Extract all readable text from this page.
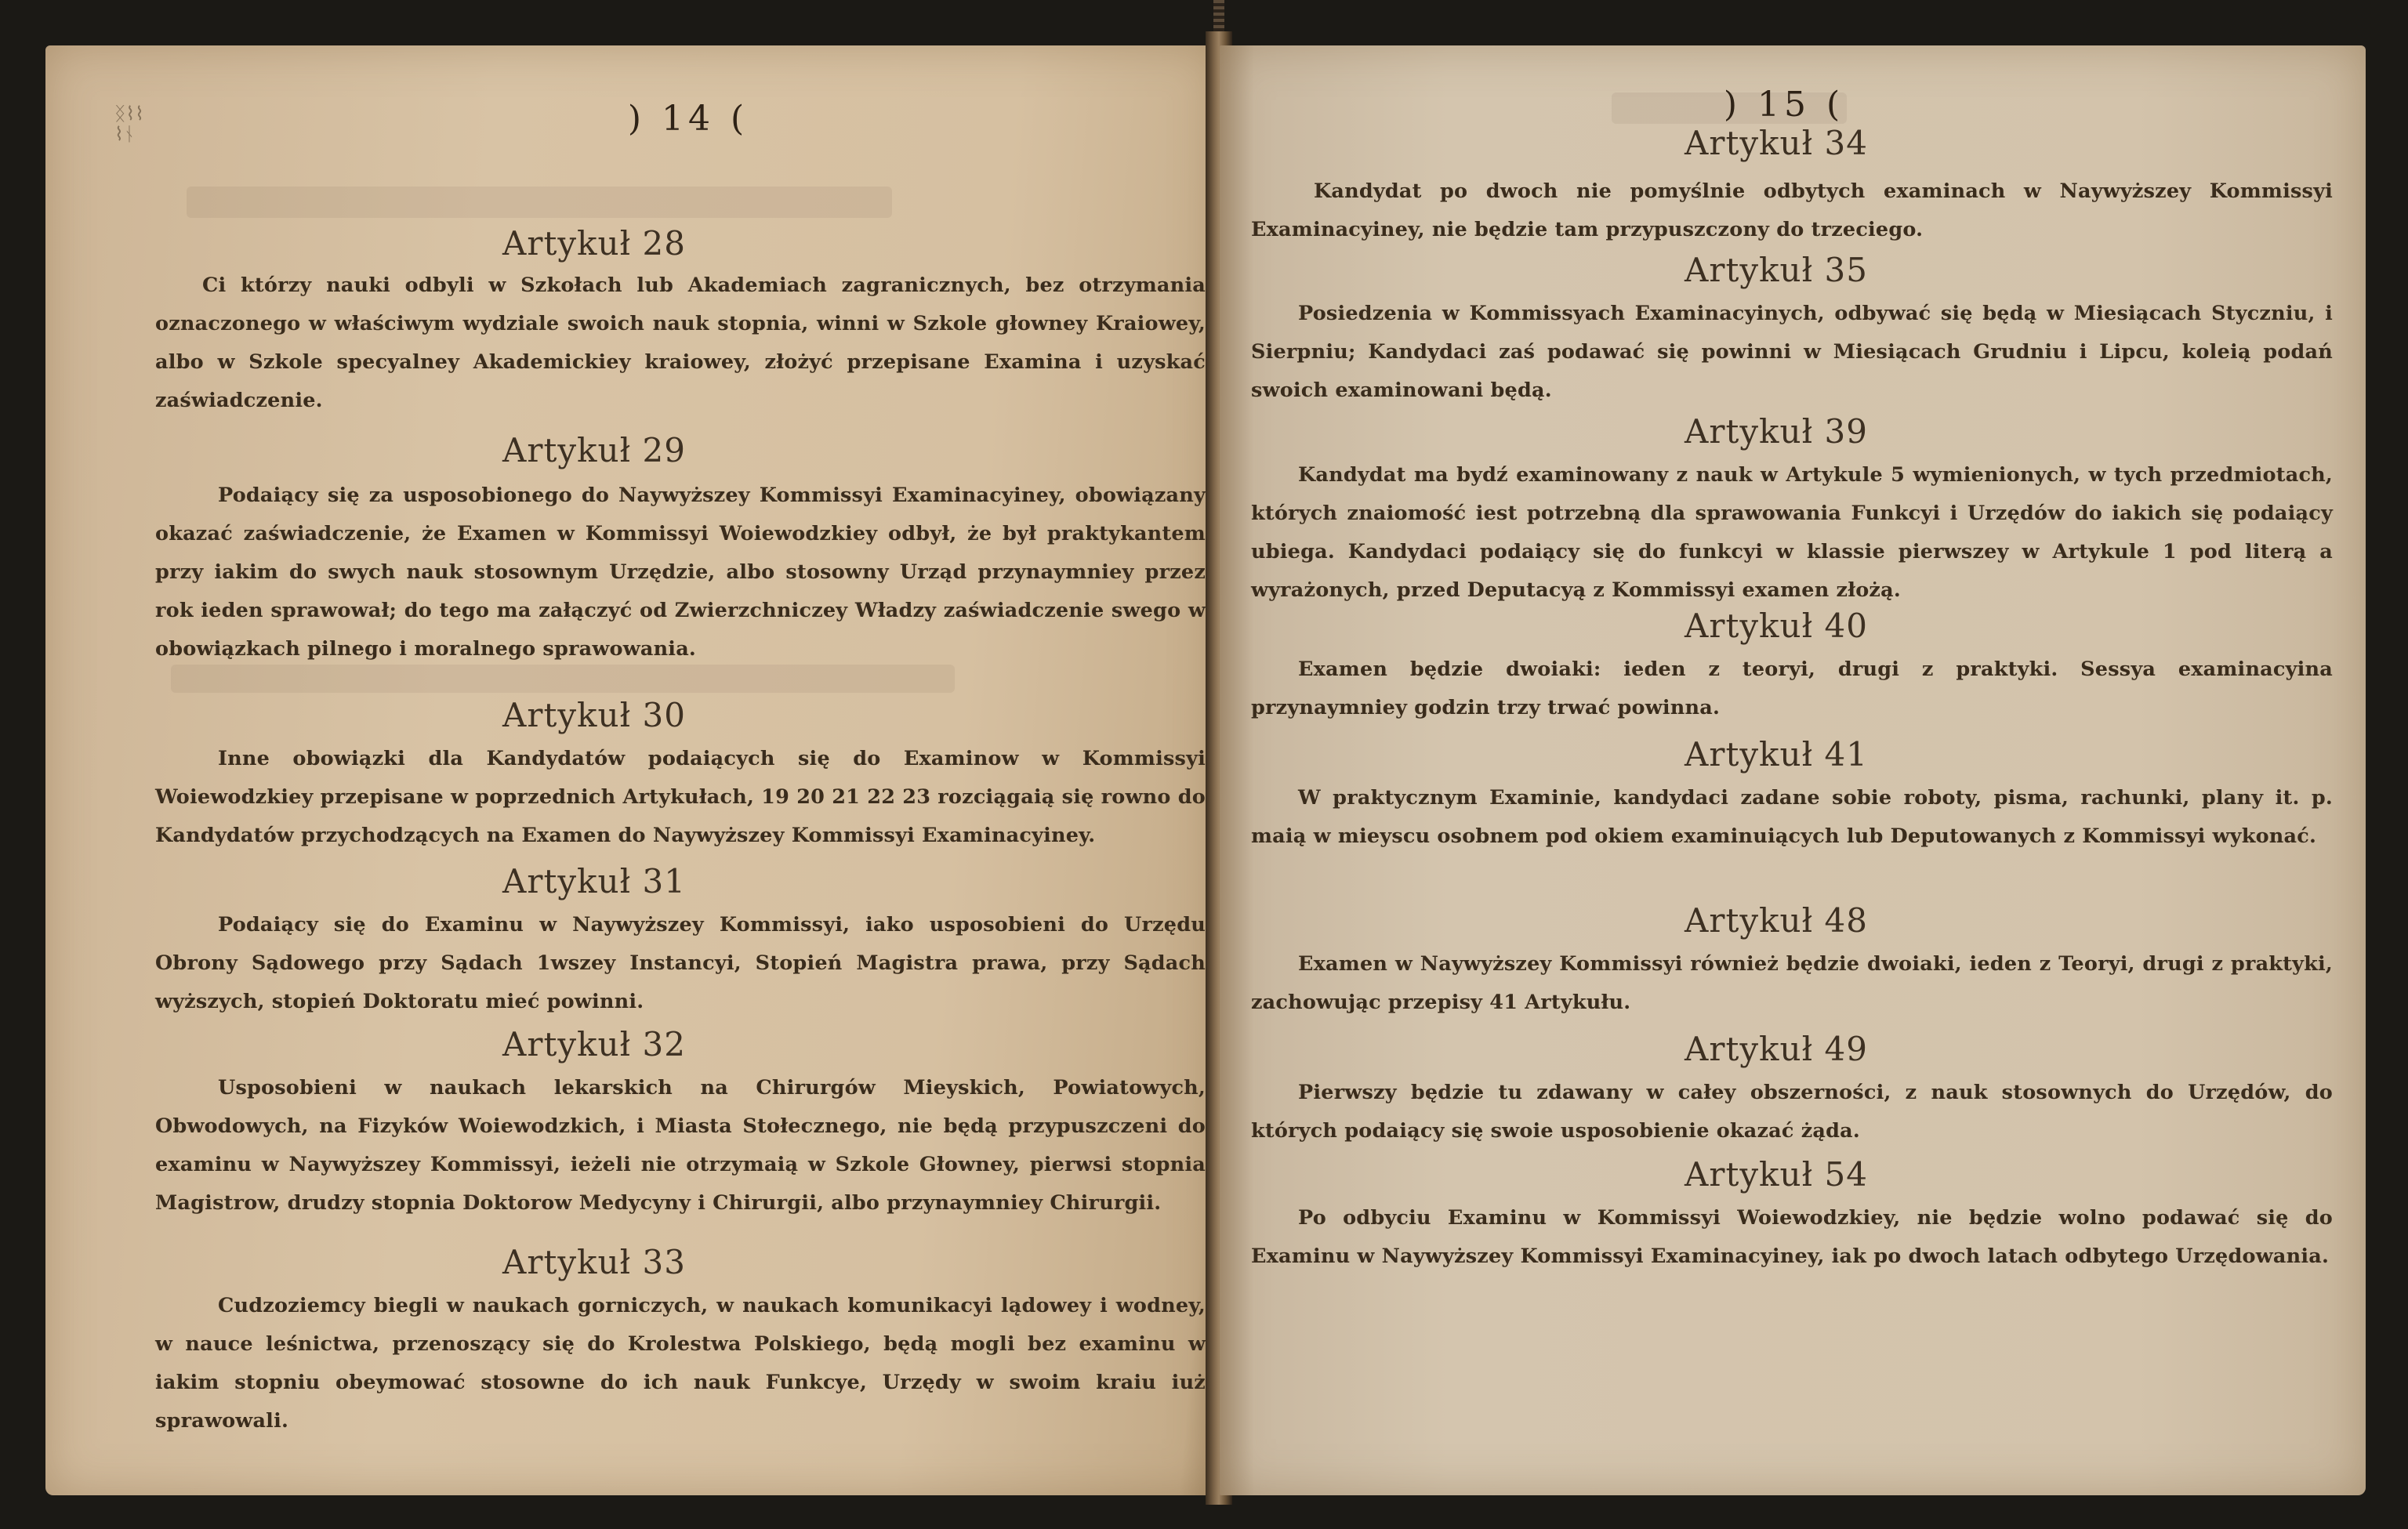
ᛝ⌇⌇
⌇ᚾ	) 14 (
Artykuł 28
Ci którzy nauki odbyli w Szkołach lub Akademiach zagranicznych, bez otrzymania oznaczonego w właściwym wydziale swoich nauk stopnia, winni w Szkole głowney Kraiowey, albo w Szkole specyalney Akademickiey kraiowey, złożyć przepisane Examina i uzyskać zaświadczenie.
Artykuł 29
Podaiący się za usposobionego do Naywyższey Kommissyi Examinacyiney, obowiązany okazać zaświadczenie, że Examen w Kommissyi Woiewodzkiey odbył, że był praktykantem przy iakim do swych nauk stosownym Urzędzie, albo stosowny Urząd przynaymniey przez rok ieden sprawował; do tego ma załączyć od Zwierzchniczey Władzy zaświadczenie swego w obowiązkach pilnego i moralnego sprawowania.
Artykuł 30
Inne obowiązki dla Kandydatów podaiących się do Examinow w Kommissyi Woiewodzkiey przepisane w poprzednich Artykułach, 19 20 21 22 23 rozciągaią się rowno do Kandydatów przychodzących na Examen do Naywyższey Kommissyi Examinacyiney.
Artykuł 31
Podaiący się do Examinu w Naywyższey Kommissyi, iako usposobieni do Urzędu Obrony Sądowego przy Sądach 1wszey Instancyi, Stopień Magistra prawa, przy Sądach wyższych, stopień Doktoratu mieć powinni.
Artykuł 32
Usposobieni w naukach lekarskich na Chirurgów Mieyskich, Powiatowych, Obwodowych, na Fizyków Woiewodzkich, i Miasta Stołecznego, nie będą przypuszczeni do examinu w Naywyższey Kommissyi, ieżeli nie otrzymaią w Szkole Głowney, pierwsi stopnia Magistrow, drudzy stopnia Doktorow Medycyny i Chirurgii, albo przynaymniey Chirurgii.
Artykuł 33
Cudzoziemcy biegli w naukach gorniczych, w naukach komunikacyi lądowey i wodney, w nauce leśnictwa, przenoszący się do Krolestwa Polskiego, będą mogli bez examinu w iakim stopniu obeymować stosowne do ich nauk Funkcye, Urzędy w swoim kraiu iuż sprawowali.
) 15 (
Artykuł 34
Kandydat po dwoch nie pomyślnie odbytych examinach w Naywyższey Kommissyi Examinacyiney, nie będzie tam przypuszczony do trzeciego.
Artykuł 35
Posiedzenia w Kommissyach Examinacyinych, odbywać się będą w Miesiącach Styczniu, i Sierpniu; Kandydaci zaś podawać się powinni w Miesiącach Grudniu i Lipcu, koleią podań swoich examinowani będą.
Artykuł 39
Kandydat ma bydź examinowany z nauk w Artykule 5 wymienionych, w tych przedmiotach, których znaiomość iest potrzebną dla sprawowania Funkcyi i Urzędów do iakich się podaiący ubiega. Kandydaci podaiący się do funkcyi w klassie pierwszey w Artykule 1 pod literą a wyrażonych, przed Deputacyą z Kommissyi examen złożą.
Artykuł 40
Examen będzie dwoiaki: ieden z teoryi, drugi z praktyki. Sessya examinacyina przynaymniey godzin trzy trwać powinna.
Artykuł 41
W praktycznym Examinie, kandydaci zadane sobie roboty, pisma, rachunki, plany it. p. maią w mieyscu osobnem pod okiem examinuiących lub Deputowanych z Kommissyi wykonać.
Artykuł 48
Examen w Naywyższey Kommissyi również będzie dwoiaki, ieden z Teoryi, drugi z praktyki, zachowując przepisy 41 Artykułu.
Artykuł 49
Pierwszy będzie tu zdawany w całey obszerności, z nauk stosownych do Urzędów, do których podaiący się swoie usposobienie okazać żąda.
Artykuł 54
Po odbyciu Examinu w Kommissyi Woiewodzkiey, nie będzie wolno podawać się do Examinu w Naywyższey Kommissyi Examinacyiney, iak po dwoch latach odbytego Urzędowania.
